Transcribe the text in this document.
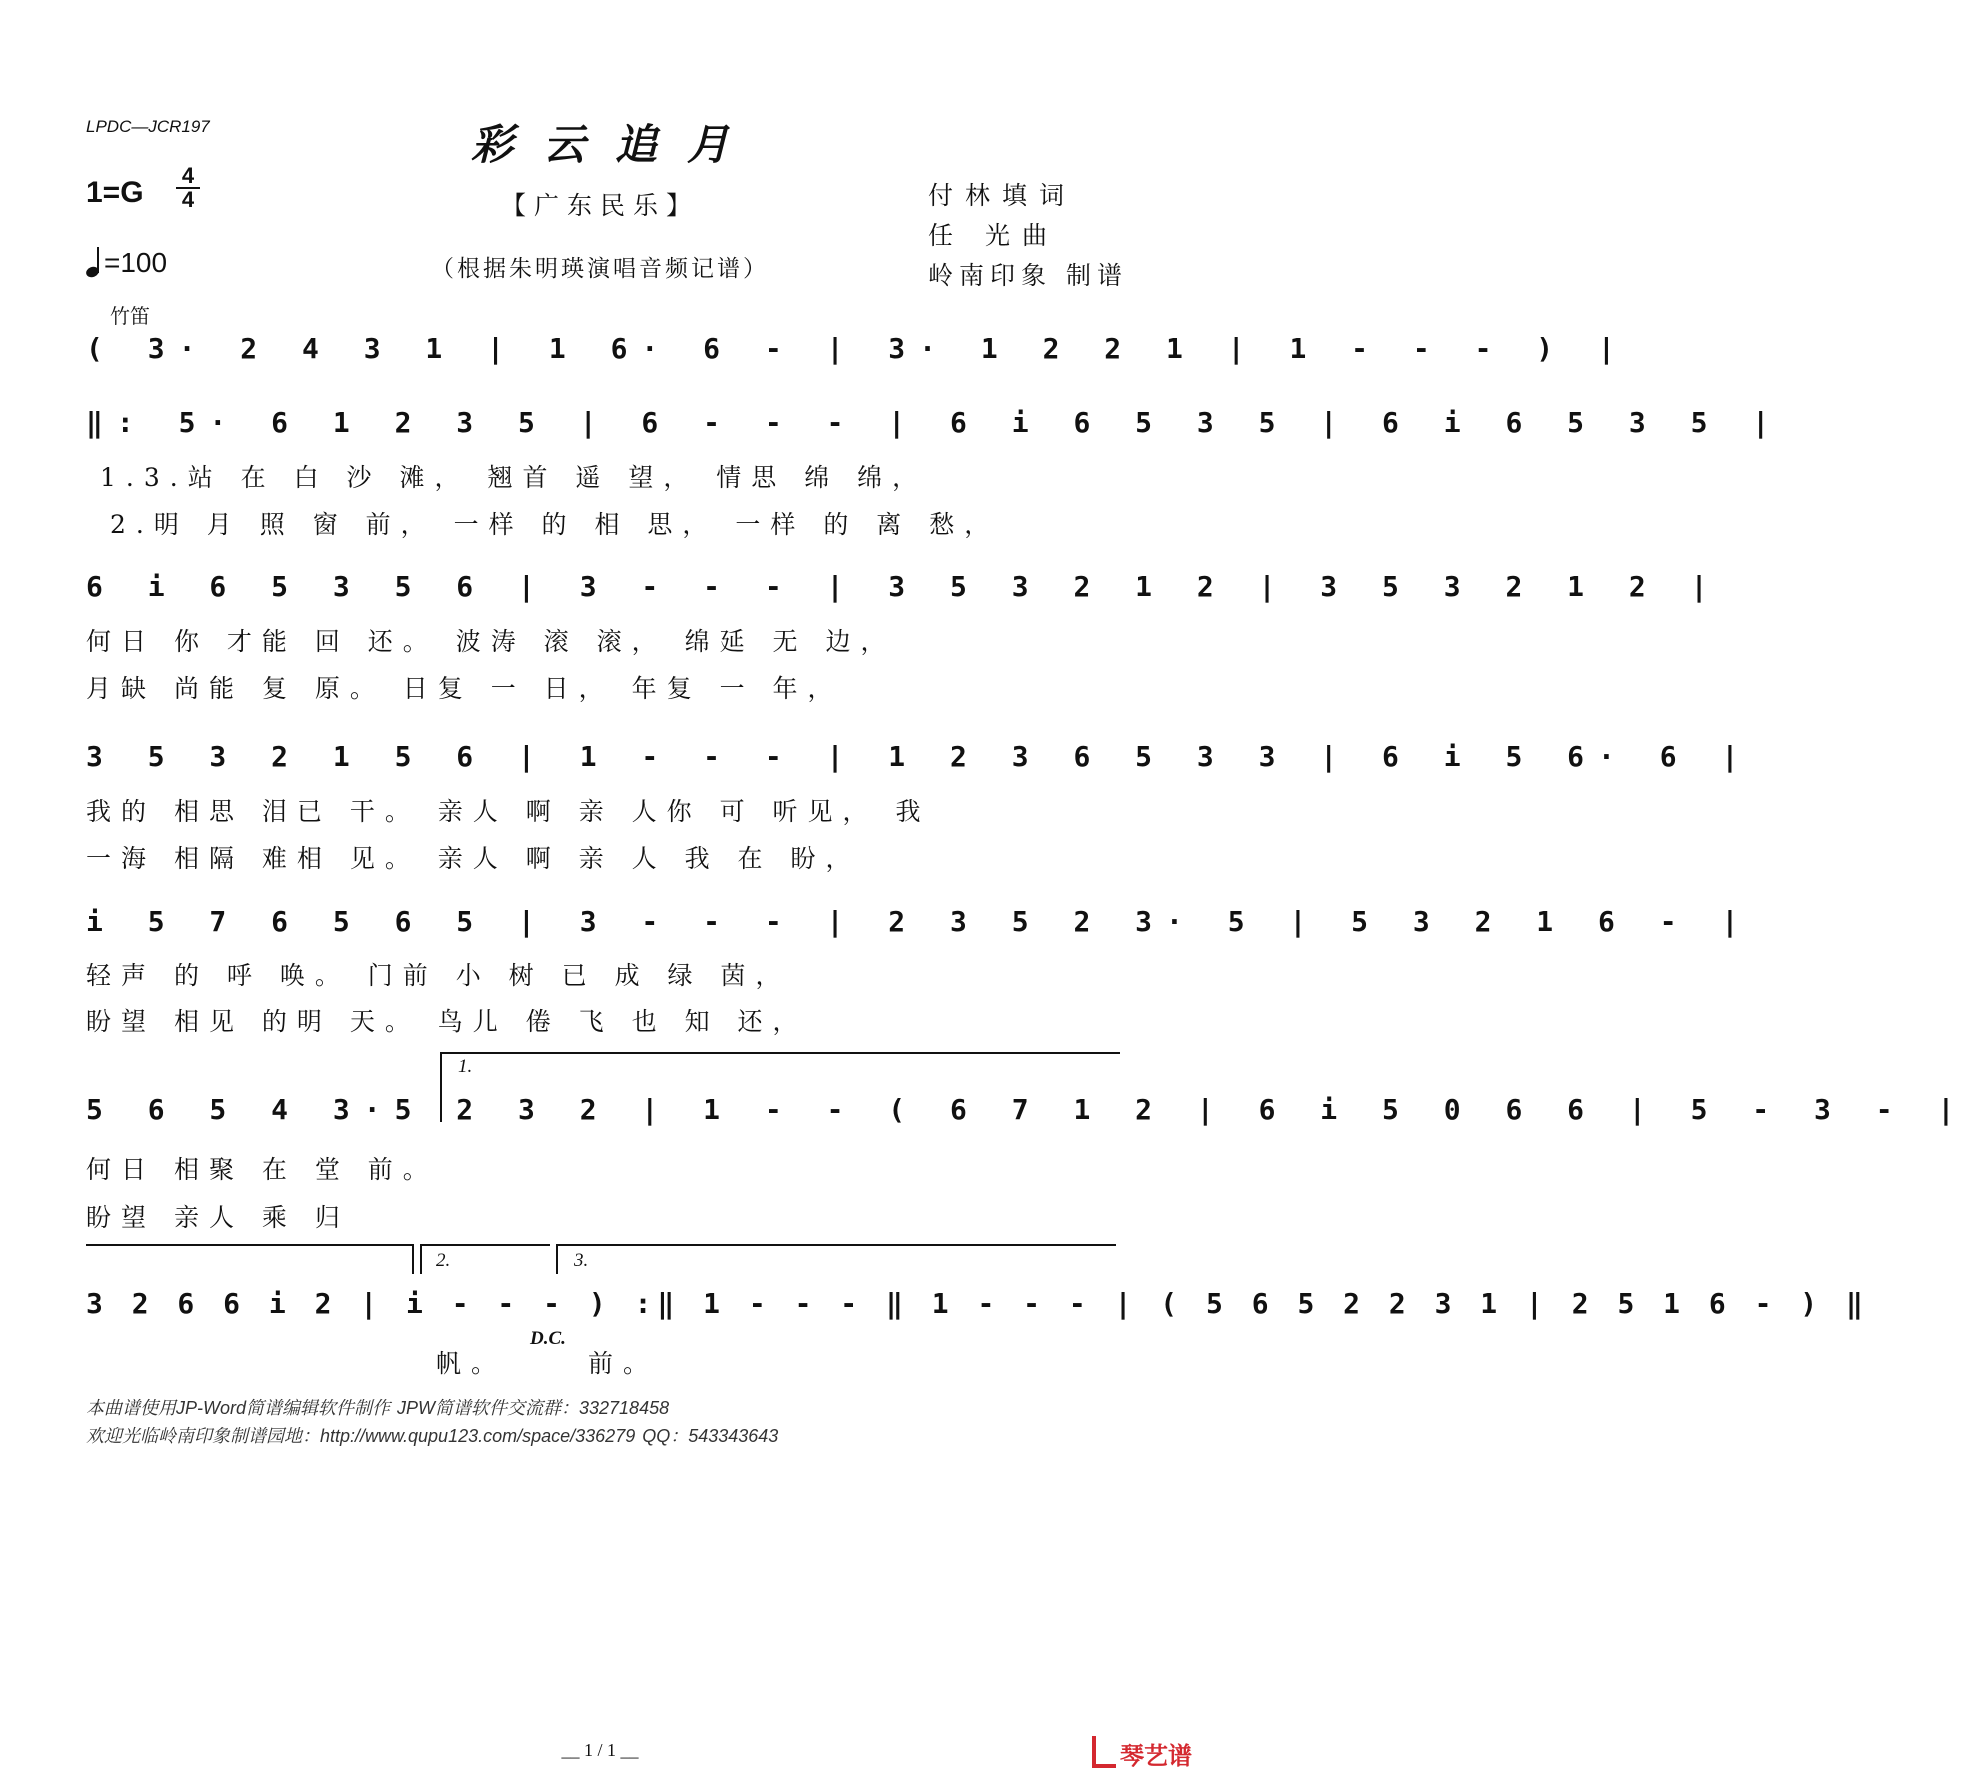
LPDC—JCR197	彩云追月
【广东民乐】
（根据朱明瑛演唱音频记谱）
付林填词
任 光曲
岭南印象 制谱
1=G
4
4
=100
竹笛
( 3· 2 4 3 1 | 1 6· 6 - | 3· 1 2 2 1 | 1 - - - ) |
‖: 5· 6 1 2 3 5 | 6 - - - | 6 i 6 5 3 5 | 6 i 6 5 3 5 |
1.3.站 在 白 沙 滩， 翘首 遥 望， 情思 绵 绵，
2.明 月 照 窗 前， 一样 的 相 思， 一样 的 离 愁，
6 i 6 5 3 5 6 | 3 - - - | 3 5 3 2 1 2 | 3 5 3 2 1 2 |
何日 你 才能 回 还。 波涛 滚 滚， 绵延 无 边，
月缺 尚能 复 原。 日复 一 日， 年复 一 年，
3 5 3 2 1 5 6 | 1 - - - | 1 2 3 6 5 3 3 | 6 i 5 6· 6 |
我的 相思 泪已 干。 亲人 啊 亲 人你 可 听见， 我
一海 相隔 难相 见。 亲人 啊 亲 人 我 在 盼，
i 5 7 6 5 6 5 | 3 - - - | 2 3 5 2 3· 5 | 5 3 2 1 6 - |
轻声 的 呼 唤。 门前 小 树 已 成 绿 茵，
盼望 相见 的明 天。 鸟儿 倦 飞 也 知 还，
1.
5 6 5 4 3·5 2 3 2 | 1 - - ( 6 7 1 2 | 6 i 5 0 6 6 | 5 - 3 - |
何日 相聚 在 堂 前。
盼望 亲人 乘 归
2.	3.
3 2 6 6 i 2 | i - - - ) :‖ 1 - - - ‖ 1 - - - | ( 5 6 5 2 2 3 1 | 2 5 1 6 - ) ‖
帆。
D.C.
前。
本曲谱使用JP-Word简谱编辑软件制作 JPW简谱软件交流群：332718458
欢迎光临岭南印象制谱园地：http://www.qupu123.com/space/336279 QQ：543343643
__ 1 / 1 __	琴艺谱
